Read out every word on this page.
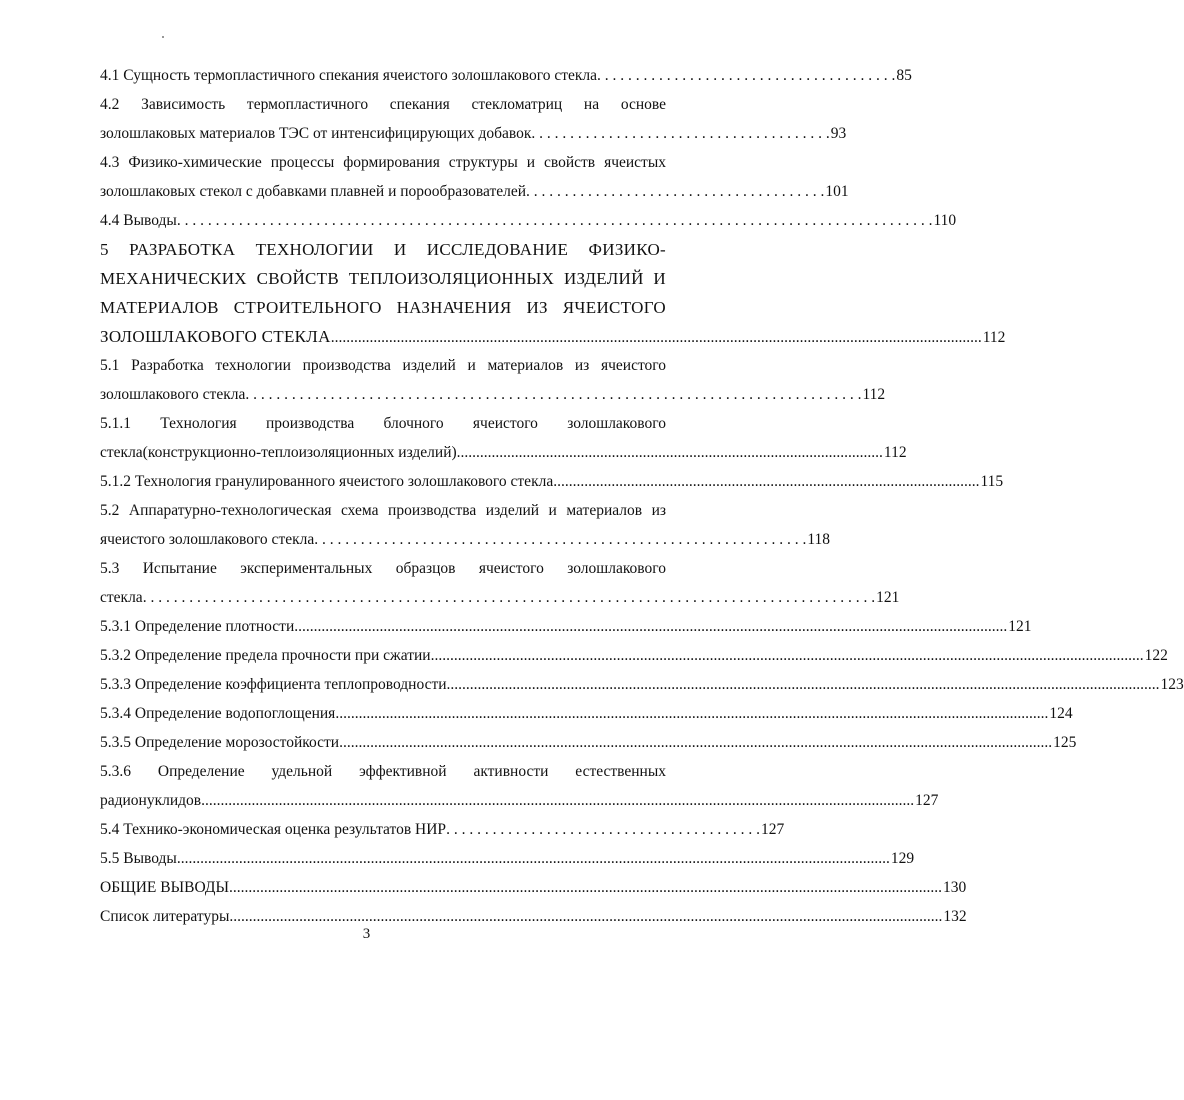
4.1 Сущность термопластичного спекания ячеистого золошлакового стекла . . . . . . . . . . . . . . . . . . . . . . . . . . . . . . . . . . . . . . . 85
4.2 Зависимость термопластичного спекания стекломатриц на основе
золошлаковых материалов ТЭС от интенсифицирующих добавок . . . . . . . . . . . . . . . . . . . . . . . . . . . . . . . . . . . . . . . 93
4.3 Физико-химические процессы формирования структуры и свойств ячеистых
золошлаковых стекол с добавками плавней и порообразователей . . . . . . . . . . . . . . . . . . . . . . . . . . . . . . . . . . . . . . . 101
4.4 Выводы . . . . . . . . . . . . . . . . . . . . . . . . . . . . . . . . . . . . . . . . . . . . . . . . . . . . . . . . . . . . . . . . . . . . . . . . . . . . . . . . . . . . . . . . . . . . . . . . . . 110
5 РАЗРАБОТКА ТЕХНОЛОГИИ И ИССЛЕДОВАНИЕ ФИЗИКО-
МЕХАНИЧЕСКИХ СВОЙСТВ ТЕПЛОИЗОЛЯЦИОННЫХ ИЗДЕЛИЙ И
МАТЕРИАЛОВ СТРОИТЕЛЬНОГО НАЗНАЧЕНИЯ ИЗ ЯЧЕИСТОГО
ЗОЛОШЛАКОВОГО СТЕКЛА ........................................................................................................................................................................ 112
5.1 Разработка технологии производства изделий и материалов из ячеистого
золошлакового стекла . . . . . . . . . . . . . . . . . . . . . . . . . . . . . . . . . . . . . . . . . . . . . . . . . . . . . . . . . . . . . . . . . . . . . . . . . . . . . . . . 112
5.1.1 Технология производства блочного ячеистого золошлакового
стекла(конструкционно-теплоизоляционных изделий) .............................................................................................................. 112
5.1.2 Технология гранулированного ячеистого золошлакового стекла .............................................................................................................. 115
5.2 Аппаратурно-технологическая схема производства изделий и материалов из
ячеистого золошлакового стекла . . . . . . . . . . . . . . . . . . . . . . . . . . . . . . . . . . . . . . . . . . . . . . . . . . . . . . . . . . . . . . . . 118
5.3 Испытание экспериментальных образцов ячеистого золошлакового
стекла . . . . . . . . . . . . . . . . . . . . . . . . . . . . . . . . . . . . . . . . . . . . . . . . . . . . . . . . . . . . . . . . . . . . . . . . . . . . . . . . . . . . . . . . . . . . . . . 121
5.3.1 Определение плотности ........................................................................................................................................................................................ 121
5.3.2 Определение предела прочности при сжатии ........................................................................................................................................................................................ 122
5.3.3 Определение коэффициента теплопроводности ........................................................................................................................................................................................ 123
5.3.4 Определение водопоглощения ........................................................................................................................................................................................ 124
5.3.5 Определение морозостойкости ........................................................................................................................................................................................ 125
5.3.6 Определение удельной эффективной активности естественных
радионуклидов ........................................................................................................................................................................................ 127
5.4 Технико-экономическая оценка результатов НИР . . . . . . . . . . . . . . . . . . . . . . . . . . . . . . . . . . . . . . . . . 127
5.5 Выводы ........................................................................................................................................................................................ 129
ОБЩИЕ ВЫВОДЫ ........................................................................................................................................................................................ 130
Список литературы ........................................................................................................................................................................................ 132
3
